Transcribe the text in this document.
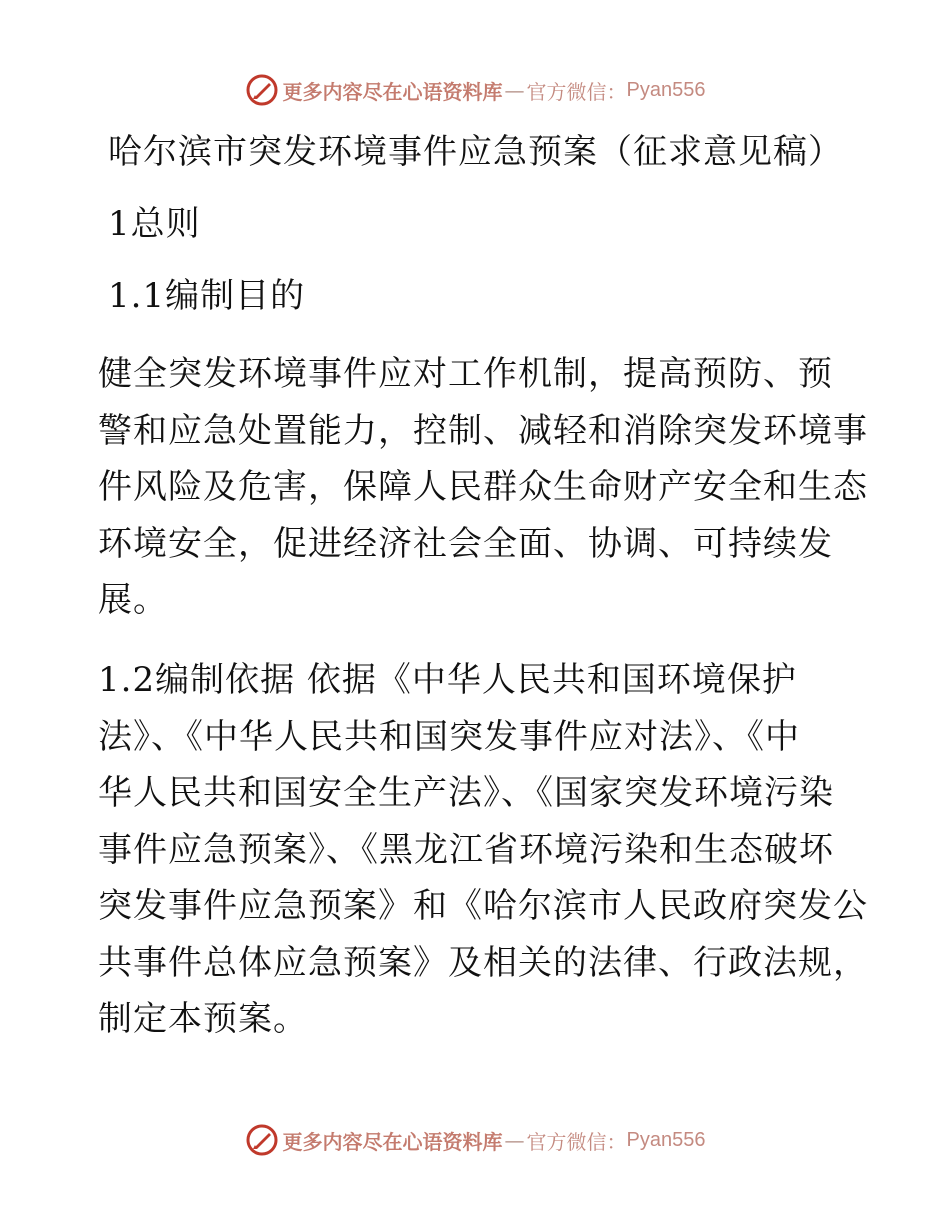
更多内容尽在心语资料库 — 官方微信： Pyan556
哈尔滨市突发环境事件应急预案（征求意见稿）
1总则
1.1编制目的
健全突发环境事件应对工作机制，提高预防、预
警和应急处置能力，控制、减轻和消除突发环境事
件风险及危害，保障人民群众生命财产安全和生态
环境安全，促进经济社会全面、协调、可持续发
展。
1.2编制依据 依据《中华人民共和国环境保护
法》、《中华人民共和国突发事件应对法》、《中
华人民共和国安全生产法》、《国家突发环境污染
事件应急预案》、《黑龙江省环境污染和生态破坏
突发事件应急预案》和《哈尔滨市人民政府突发公
共事件总体应急预案》及相关的法律、行政法规，
制定本预案。
更多内容尽在心语资料库 — 官方微信： Pyan556
